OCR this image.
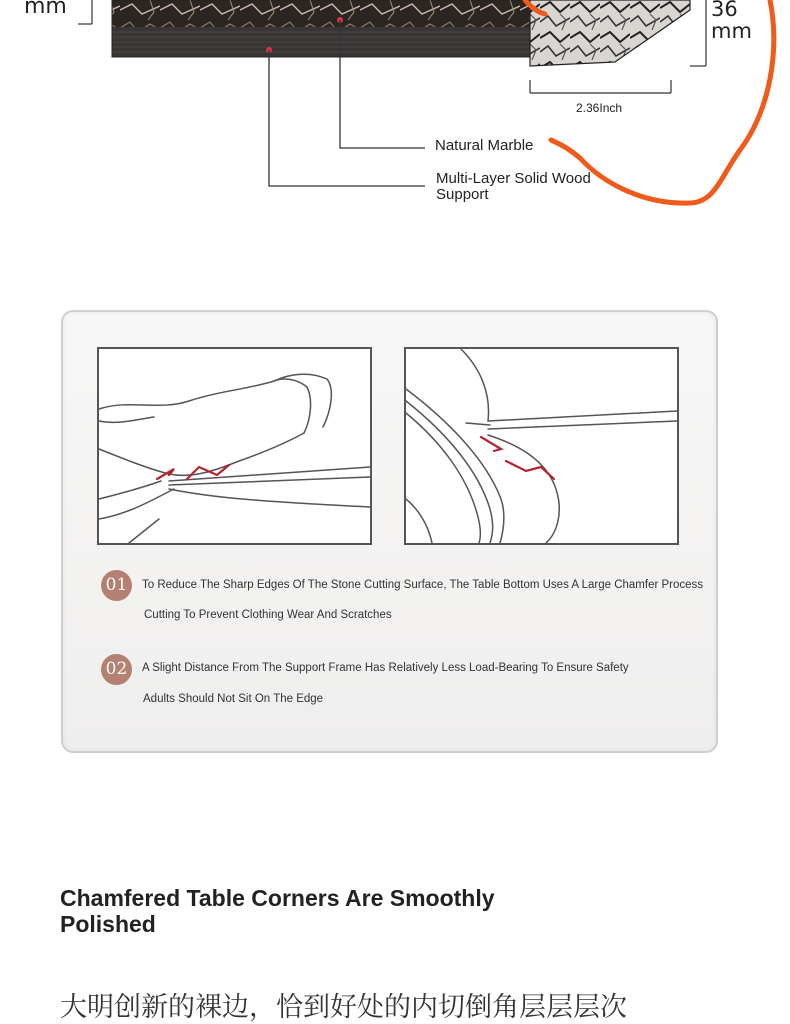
mm	36
mm
2.36Inch
Natural Marble
Multi-Layer Solid Wood
Support
01	To Reduce The Sharp Edges Of The Stone Cutting Surface, The Table Bottom Uses A Large Chamfer Process
Cutting To Prevent Clothing Wear And Scratches
02	A Slight Distance From The Support Frame Has Relatively Less Load-Bearing To Ensure Safety
Adults Should Not Sit On The Edge
Chamfered Table Corners Are Smoothly Polished
大明创新的裸边，恰到好处的内切倒角层层层次
